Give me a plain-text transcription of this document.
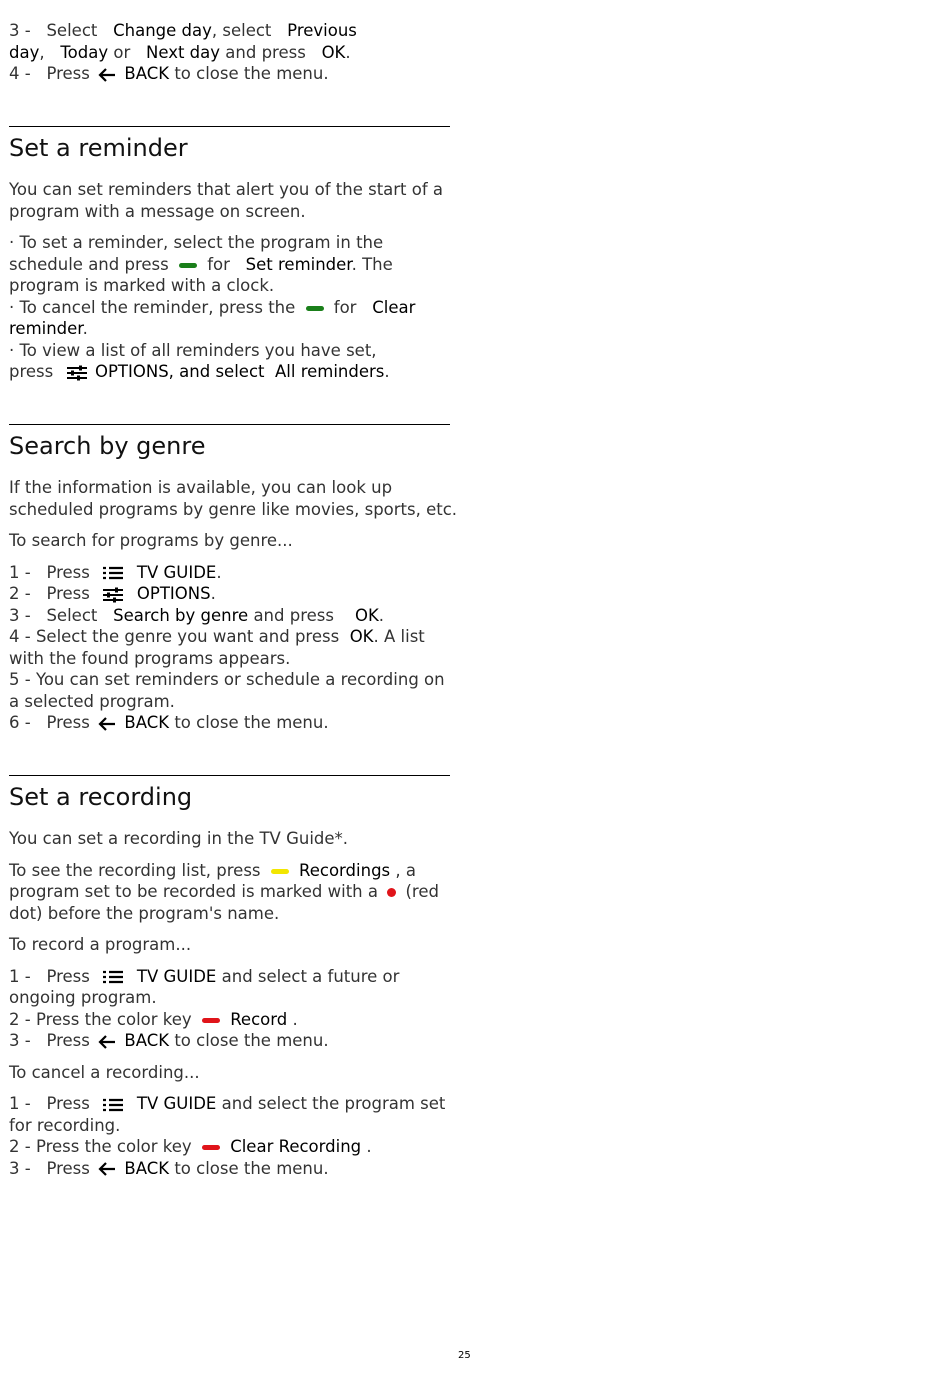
3 - Select Change day, select Previous
day, Today or Next day and press OK.
4 - Press BACK to close the menu.
Set a reminder
You can set reminders that alert you of the start of a
program with a message on screen.
· To set a reminder, select the program in the
schedule and press for Set reminder. The
program is marked with a clock.
· To cancel the reminder, press the for Clear
reminder.
· To view a list of all reminders you have set,
press	OPTIONS, and select All reminders.
Search by genre
If the information is available, you can look up
scheduled programs by genre like movies, sports, etc.
To search for programs by genre...
1 - Press	TV GUIDE.
2 - Press	OPTIONS.
3 - Select Search by genre and press OK.
4 - Select the genre you want and press OK. A list
with the found programs appears.
5 - You can set reminders or schedule a recording on
a selected program.
6 - Press BACK to close the menu.
Set a recording
You can set a recording in the TV Guide*.
To see the recording list, press Recordings , a
program set to be recorded is marked with a (red
dot) before the program's name.
To record a program...
1 - Press	TV GUIDE and select a future or
ongoing program.
2 - Press the color key Record .
3 - Press BACK to close the menu.
To cancel a recording...
1 - Press	TV GUIDE and select the program set
for recording.
2 - Press the color key Clear Recording .
3 - Press BACK to close the menu.
25
